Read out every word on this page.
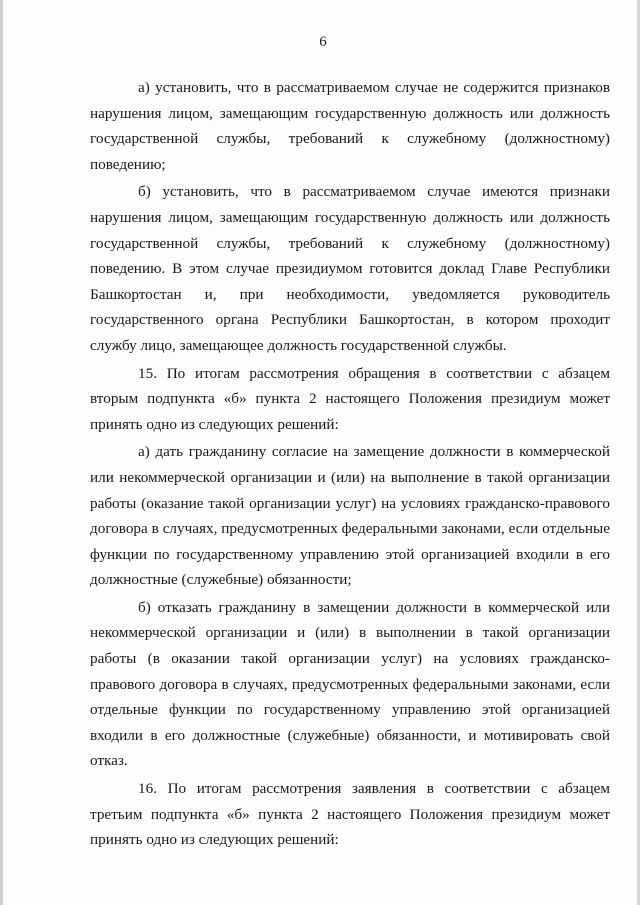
6

а) установить, что в рассматриваемом случае не содержится признаков нарушения лицом, замещающим государственную должность или должность государственной службы, требований к служебному (должностному) поведению;

б) установить, что в рассматриваемом случае имеются признаки нарушения лицом, замещающим государственную должность или должность государственной службы, требований к служебному (должностному) поведению. В этом случае президиумом готовится доклад Главе Республики Башкортостан и, при необходимости, уведомляется руководитель государственного органа Республики Башкортостан, в котором проходит службу лицо, замещающее должность государственной службы.

15. По итогам рассмотрения обращения в соответствии с абзацем вторым подпункта «б» пункта 2 настоящего Положения президиум может принять одно из следующих решений:

а) дать гражданину согласие на замещение должности в коммерческой или некоммерческой организации и (или) на выполнение в такой организации работы (оказание такой организации услуг) на условиях гражданско-правового договора в случаях, предусмотренных федеральными законами, если отдельные функции по государственному управлению этой организацией входили в его должностные (служебные) обязанности;

б) отказать гражданину в замещении должности в коммерческой или некоммерческой организации и (или) в выполнении в такой организации работы (в оказании такой организации услуг) на условиях гражданско-правового договора в случаях, предусмотренных федеральными законами, если отдельные функции по государственному управлению этой организацией входили в его должностные (служебные) обязанности, и мотивировать свой отказ.

16. По итогам рассмотрения заявления в соответствии с абзацем третьим подпункта «б» пункта 2 настоящего Положения президиум может принять одно из следующих решений:
